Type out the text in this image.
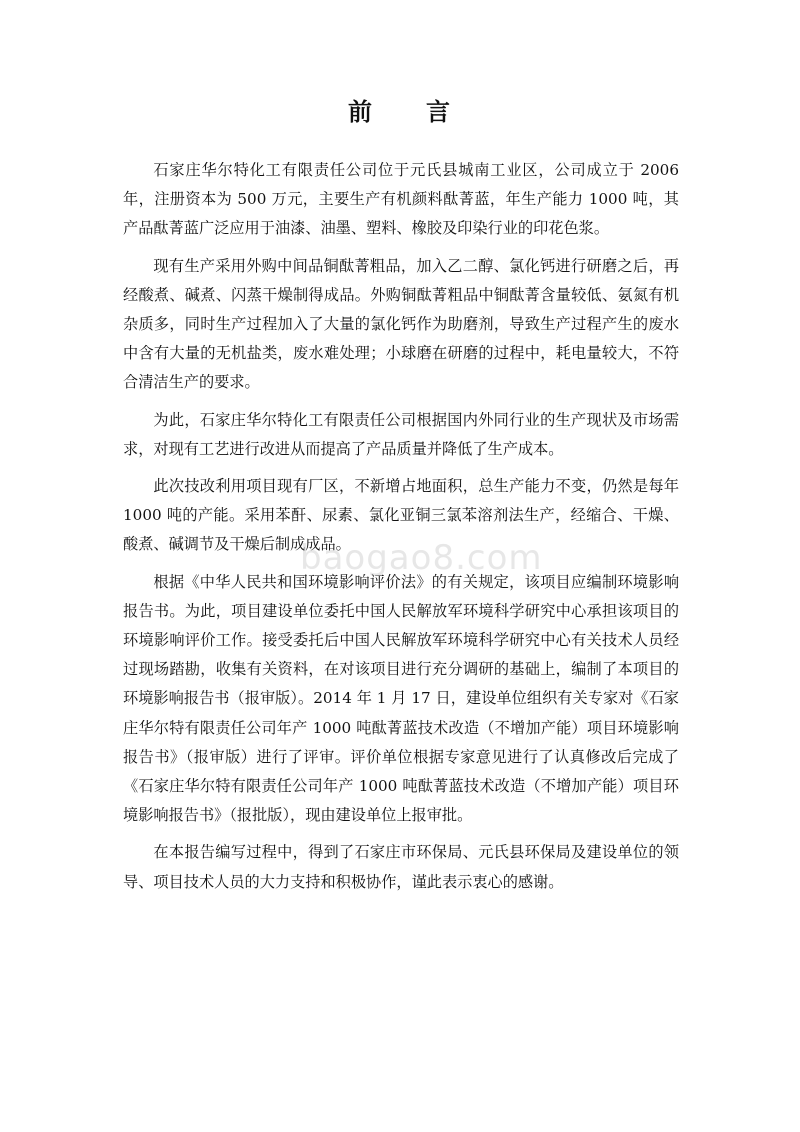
前 言

石家庄华尔特化工有限责任公司位于元氏县城南工业区，公司成立于 2006 年，注册资本为 500 万元，主要生产有机颜料酞菁蓝，年生产能力 1000 吨，其产品酞菁蓝广泛应用于油漆、油墨、塑料、橡胶及印染行业的印花色浆。

现有生产采用外购中间品铜酞菁粗品，加入乙二醇、氯化钙进行研磨之后，再经酸煮、碱煮、闪蒸干燥制得成品。外购铜酞菁粗品中铜酞菁含量较低、氨氮有机杂质多，同时生产过程加入了大量的氯化钙作为助磨剂，导致生产过程产生的废水中含有大量的无机盐类，废水难处理；小球磨在研磨的过程中，耗电量较大，不符合清洁生产的要求。

为此，石家庄华尔特化工有限责任公司根据国内外同行业的生产现状及市场需求，对现有工艺进行改进从而提高了产品质量并降低了生产成本。

此次技改利用项目现有厂区，不新增占地面积，总生产能力不变，仍然是每年 1000 吨的产能。采用苯酐、尿素、氯化亚铜三氯苯溶剂法生产，经缩合、干燥、酸煮、碱调节及干燥后制成成品。

根据《中华人民共和国环境影响评价法》的有关规定，该项目应编制环境影响报告书。为此，项目建设单位委托中国人民解放军环境科学研究中心承担该项目的环境影响评价工作。接受委托后中国人民解放军环境科学研究中心有关技术人员经过现场踏勘，收集有关资料，在对该项目进行充分调研的基础上，编制了本项目的环境影响报告书（报审版）。2014 年 1 月 17 日，建设单位组织有关专家对《石家庄华尔特有限责任公司年产 1000 吨酞菁蓝技术改造（不增加产能）项目环境影响报告书》（报审版）进行了评审。评价单位根据专家意见进行了认真修改后完成了《石家庄华尔特有限责任公司年产 1000 吨酞菁蓝技术改造（不增加产能）项目环境影响报告书》（报批版），现由建设单位上报审批。

在本报告编写过程中，得到了石家庄市环保局、元氏县环保局及建设单位的领导、项目技术人员的大力支持和积极协作，谨此表示衷心的感谢。

baogao8.com
